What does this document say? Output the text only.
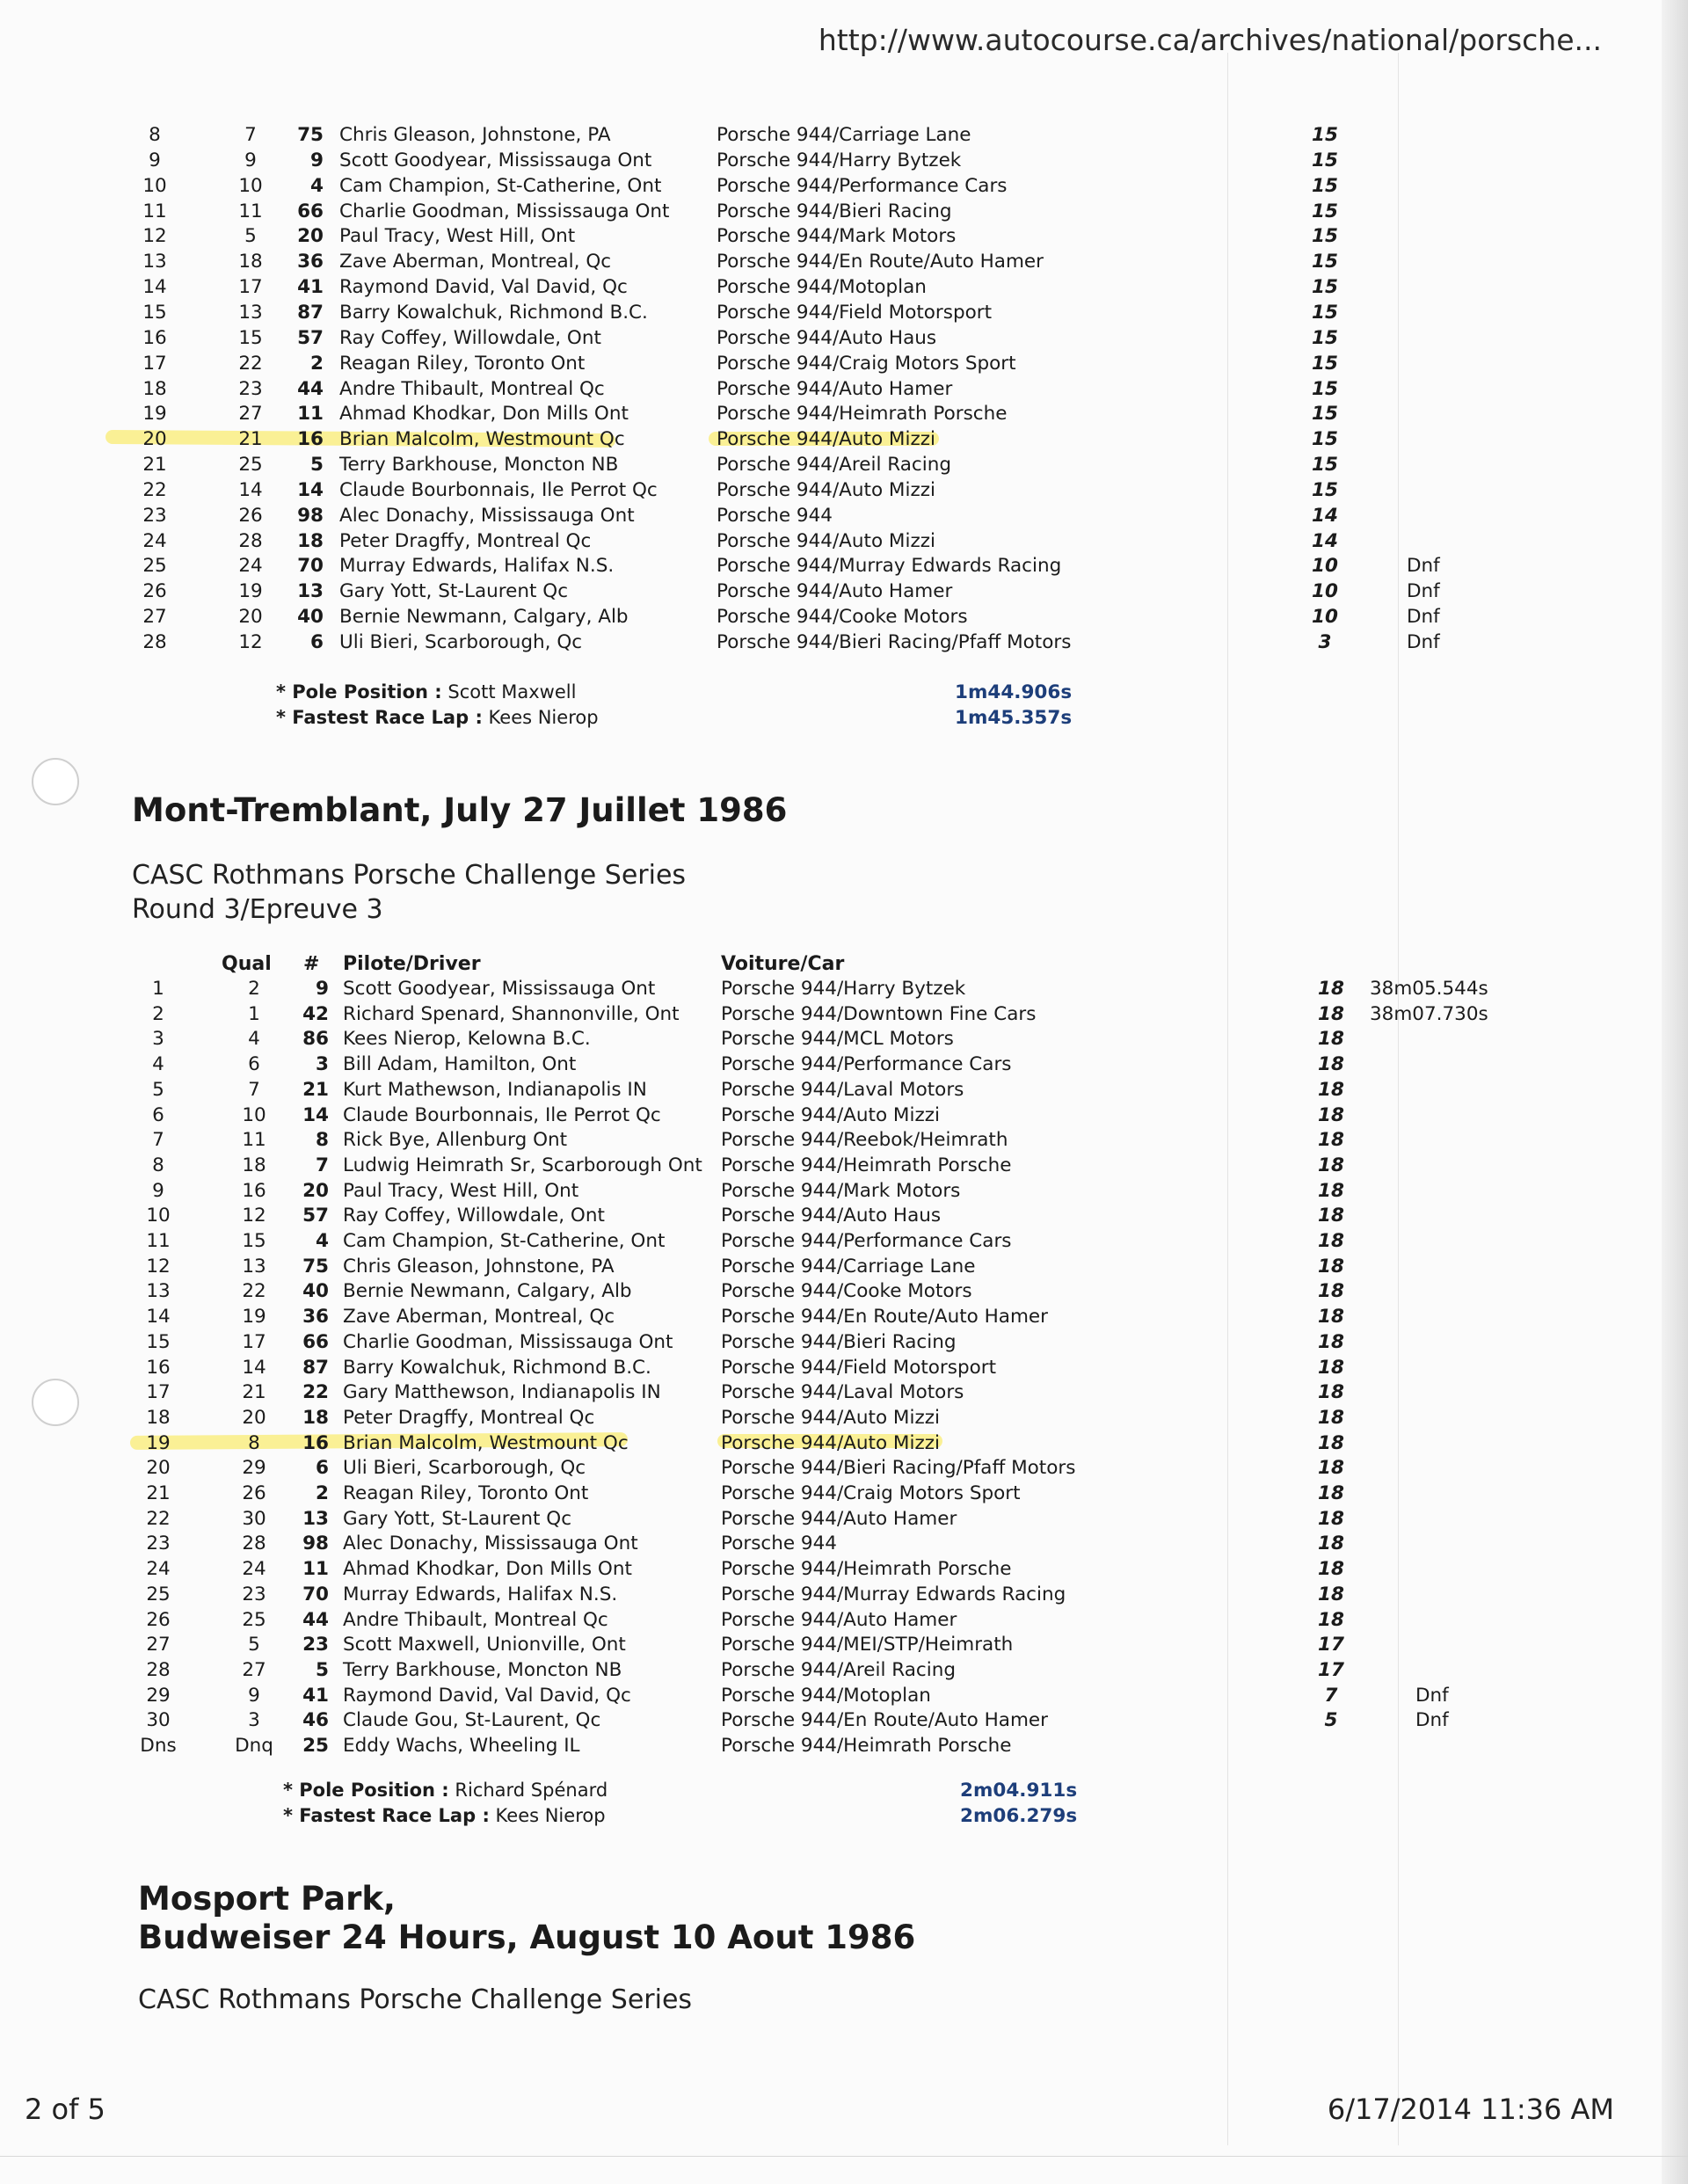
http://www.autocourse.ca/archives/national/porsche...
8	7	75 Chris Gleason, Johnstone, PA	Porsche 944/Carriage Lane	15
9	9	9 Scott Goodyear, Mississauga Ont	Porsche 944/Harry Bytzek	15
10	10	4 Cam Champion, St-Catherine, Ont	Porsche 944/Performance Cars	15
11	11	66 Charlie Goodman, Mississauga Ont Porsche 944/Bieri Racing	15
12	5	20 Paul Tracy, West Hill, Ont	Porsche 944/Mark Motors	15
13	18	36 Zave Aberman, Montreal, Qc	Porsche 944/En Route/Auto Hamer	15
14	17	41 Raymond David, Val David, Qc	Porsche 944/Motoplan	15
15	13	87 Barry Kowalchuk, Richmond B.C.	Porsche 944/Field Motorsport	15
16	15	57 Ray Coffey, Willowdale, Ont	Porsche 944/Auto Haus	15
17	22	2 Reagan Riley, Toronto Ont	Porsche 944/Craig Motors Sport	15
18	23	44 Andre Thibault, Montreal Qc	Porsche 944/Auto Hamer	15
19	27	11 Ahmad Khodkar, Don Mills Ont	Porsche 944/Heimrath Porsche	15
20	21	16 Brian Malcolm, Westmount Qc	Porsche 944/Auto Mizzi	15
21	25	5 Terry Barkhouse, Moncton NB	Porsche 944/Areil Racing	15
22	14	14 Claude Bourbonnais, Ile Perrot Qc	Porsche 944/Auto Mizzi	15
23	26	98 Alec Donachy, Mississauga Ont	Porsche 944	14
24	28	18 Peter Dragffy, Montreal Qc	Porsche 944/Auto Mizzi	14
25	24	70 Murray Edwards, Halifax N.S.	Porsche 944/Murray Edwards Racing	10	Dnf
26	19	13 Gary Yott, St-Laurent Qc	Porsche 944/Auto Hamer	10	Dnf
27	20	40 Bernie Newmann, Calgary, Alb	Porsche 944/Cooke Motors	10	Dnf
28	12	6 Uli Bieri, Scarborough, Qc	Porsche 944/Bieri Racing/Pfaff Motors	3	Dnf
* Pole Position : Scott Maxwell	1m44.906s
* Fastest Race Lap : Kees Nierop	1m45.357s
Mont-Tremblant, July 27 Juillet 1986
CASC Rothmans Porsche Challenge Series
Round 3/Epreuve 3
Qual # Pilote/Driver	Voiture/Car
1	2	9 Scott Goodyear, Mississauga Ont	Porsche 944/Harry Bytzek	18	38m05.544s
2	1	42 Richard Spenard, Shannonville, Ont Porsche 944/Downtown Fine Cars	18	38m07.730s
3	4	86 Kees Nierop, Kelowna B.C.	Porsche 944/MCL Motors	18
4	6	3 Bill Adam, Hamilton, Ont	Porsche 944/Performance Cars	18
5	7	21 Kurt Mathewson, Indianapolis IN	Porsche 944/Laval Motors	18
6	10	14 Claude Bourbonnais, Ile Perrot Qc	Porsche 944/Auto Mizzi	18
7	11	8 Rick Bye, Allenburg Ont	Porsche 944/Reebok/Heimrath	18
8	18	7 Ludwig Heimrath Sr, Scarborough Ont Porsche 944/Heimrath Porsche	18
9	16	20 Paul Tracy, West Hill, Ont	Porsche 944/Mark Motors	18
10	12	57 Ray Coffey, Willowdale, Ont	Porsche 944/Auto Haus	18
11	15	4 Cam Champion, St-Catherine, Ont	Porsche 944/Performance Cars	18
12	13	75 Chris Gleason, Johnstone, PA	Porsche 944/Carriage Lane	18
13	22	40 Bernie Newmann, Calgary, Alb	Porsche 944/Cooke Motors	18
14	19	36 Zave Aberman, Montreal, Qc	Porsche 944/En Route/Auto Hamer	18
15	17	66 Charlie Goodman, Mississauga Ont	Porsche 944/Bieri Racing	18
16	14	87 Barry Kowalchuk, Richmond B.C.	Porsche 944/Field Motorsport	18
17	21	22 Gary Matthewson, Indianapolis IN	Porsche 944/Laval Motors	18
18	20	18 Peter Dragffy, Montreal Qc	Porsche 944/Auto Mizzi	18
19	8	16 Brian Malcolm, Westmount Qc	Porsche 944/Auto Mizzi	18
20	29	6 Uli Bieri, Scarborough, Qc	Porsche 944/Bieri Racing/Pfaff Motors	18
21	26	2 Reagan Riley, Toronto Ont	Porsche 944/Craig Motors Sport	18
22	30	13 Gary Yott, St-Laurent Qc	Porsche 944/Auto Hamer	18
23	28	98 Alec Donachy, Mississauga Ont	Porsche 944	18
24	24	11 Ahmad Khodkar, Don Mills Ont	Porsche 944/Heimrath Porsche	18
25	23	70 Murray Edwards, Halifax N.S.	Porsche 944/Murray Edwards Racing	18
26	25	44 Andre Thibault, Montreal Qc	Porsche 944/Auto Hamer	18
27	5	23 Scott Maxwell, Unionville, Ont	Porsche 944/MEI/STP/Heimrath	17
28	27	5 Terry Barkhouse, Moncton NB	Porsche 944/Areil Racing	17
29	9	41 Raymond David, Val David, Qc	Porsche 944/Motoplan	7	Dnf
30	3	46 Claude Gou, St-Laurent, Qc	Porsche 944/En Route/Auto Hamer	5	Dnf
Dns	Dnq	25 Eddy Wachs, Wheeling IL	Porsche 944/Heimrath Porsche
* Pole Position : Richard Spénard	2m04.911s
* Fastest Race Lap : Kees Nierop	2m06.279s
Mosport Park,
Budweiser 24 Hours, August 10 Aout 1986
CASC Rothmans Porsche Challenge Series
2 of 5	6/17/2014 11:36 AM
